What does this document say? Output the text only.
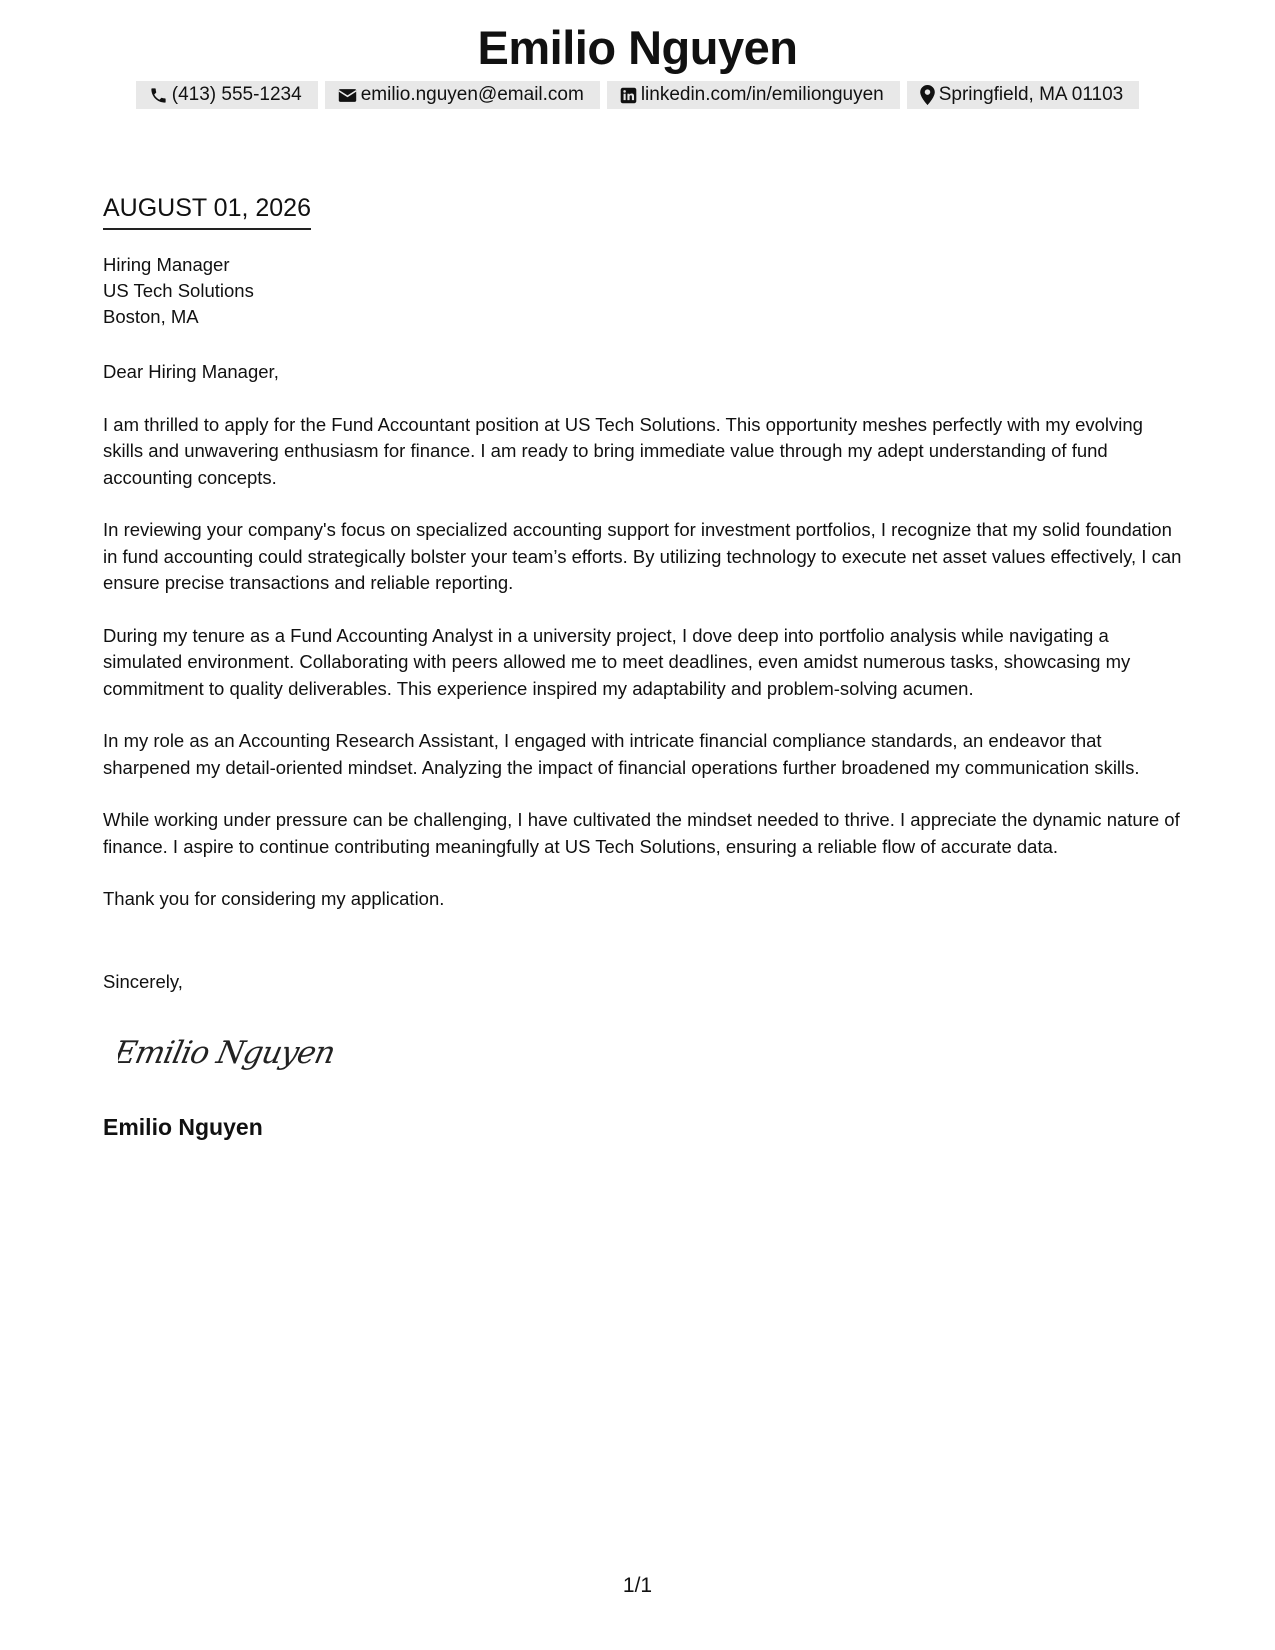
Emilio Nguyen
(413) 555-1234	emilio.nguyen@email.com	linkedin.com/in/emilionguyen	Springfield, MA 01103
AUGUST 01, 2026
Hiring Manager
US Tech Solutions
Boston, MA

Dear Hiring Manager,

I am thrilled to apply for the Fund Accountant position at US Tech Solutions. This opportunity meshes perfectly with my evolving skills and unwavering enthusiasm for finance. I am ready to bring immediate value through my adept understanding of fund accounting concepts.

In reviewing your company's focus on specialized accounting support for investment portfolios, I recognize that my solid foundation in fund accounting could strategically bolster your team’s efforts. By utilizing technology to execute net asset values effectively, I can ensure precise transactions and reliable reporting.

During my tenure as a Fund Accounting Analyst in a university project, I dove deep into portfolio analysis while navigating a simulated environment. Collaborating with peers allowed me to meet deadlines, even amidst numerous tasks, showcasing my commitment to quality deliverables. This experience inspired my adaptability and problem-solving acumen.

In my role as an Accounting Research Assistant, I engaged with intricate financial compliance standards, an endeavor that sharpened my detail-oriented mindset. Analyzing the impact of financial operations further broadened my communication skills.

While working under pressure can be challenging, I have cultivated the mindset needed to thrive. I appreciate the dynamic nature of finance. I aspire to continue contributing meaningfully at US Tech Solutions, ensuring a reliable flow of accurate data.

Thank you for considering my application.

Sincerely,
Emilio Nguyen
Emilio Nguyen
1/1
